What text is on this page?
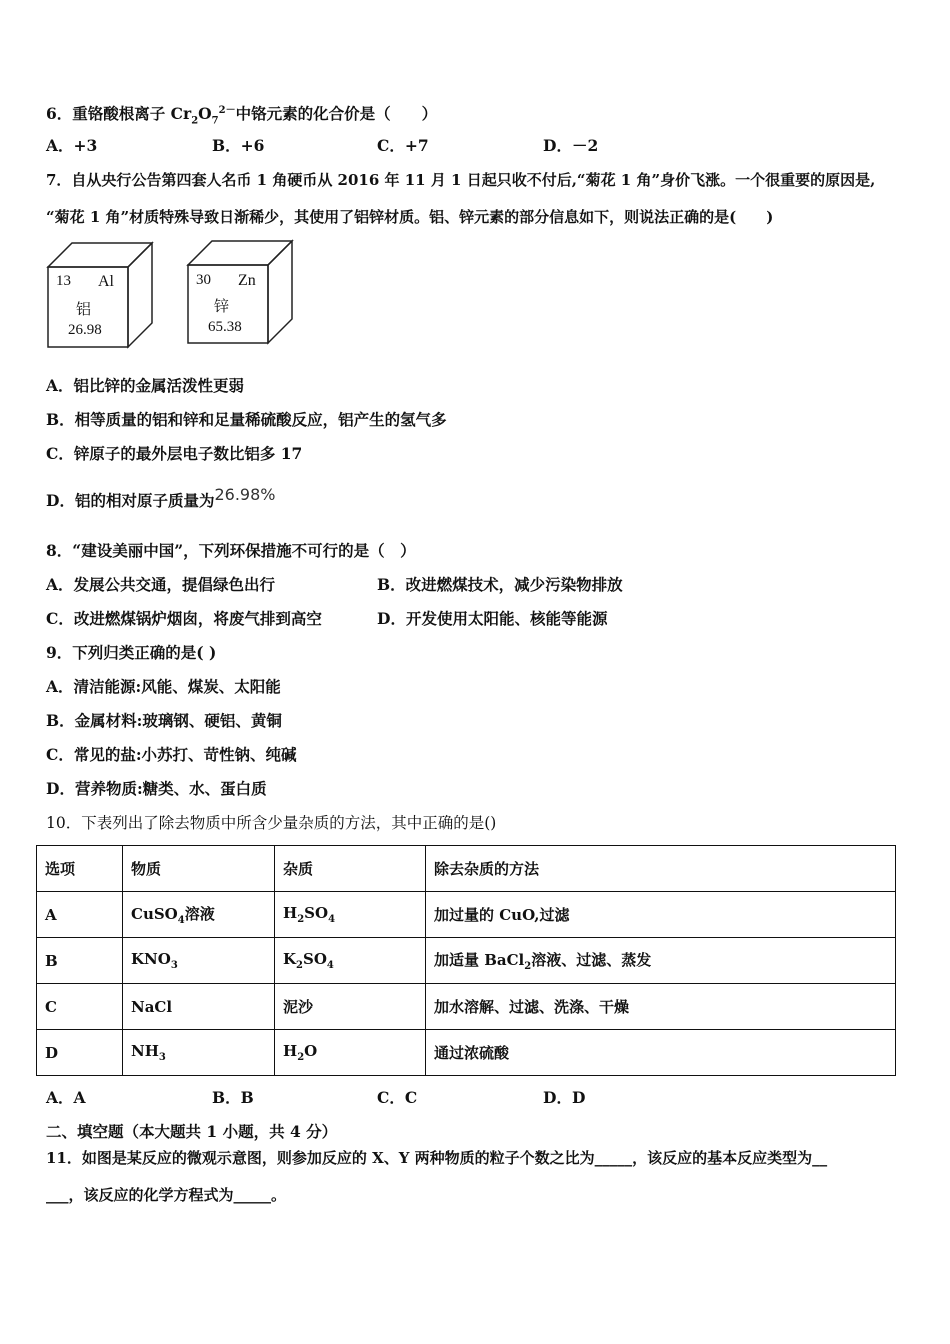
6．重铬酸根离子 $Cr_2O_7^{2-}$中铬元素的化合价是（　　）
A．+3	B．+6	C．+7	D．－2
7．自从央行公告第四套人名币 1 角硬币从 2016 年 11 月 1 日起只收不付后,“菊花 1 角”身价飞涨。一个很重要的原因是,
“菊花 1 角”材质特殊导致日渐稀少，其使用了铝锌材质。铝、锌元素的部分信息如下，则说法正确的是(　　)
13 Al
铝
26.98
30 Zn
锌
65.38
A．铝比锌的金属活泼性更弱
B．相等质量的铝和锌和足量稀硫酸反应，铝产生的氢气多
C．锌原子的最外层电子数比铝多 17
D．铝的相对原子质量为26.98%
8．“建设美丽中国”，下列环保措施不可行的是（　）
A．发展公共交通，提倡绿色出行	B．改进燃煤技术，减少污染物排放
C．改进燃煤锅炉烟囱，将废气排到高空	D．开发使用太阳能、核能等能源
9．下列归类正确的是( )
A．清洁能源:风能、煤炭、太阳能
B．金属材料:玻璃钢、硬铝、黄铜
C．常见的盐:小苏打、苛性钠、纯碱
D．营养物质:糖类、水、蛋白质
10．下表列出了除去物质中所含少量杂质的方法，其中正确的是()
选项	物质	杂质	除去杂质的方法
A	CuSO$_4$溶液	$H_2SO_4$	加过量的 CuO,过滤
B	$KNO_3$	$K_2SO_4$	加适量 BaCl$_2$溶液、过滤、蒸发
C	NaCl	泥沙	加水溶解、过滤、洗涤、干燥
D	$NH_3$	$H_2O$	通过浓硫酸
A．A	B．B	C．C	D．D
二、填空题（本大题共 1 小题，共 4 分）
11．如图是某反应的微观示意图，则参加反应的 X、Y 两种物质的粒子个数之比为_____，该反应的基本反应类型为__
___，该反应的化学方程式为_____。
